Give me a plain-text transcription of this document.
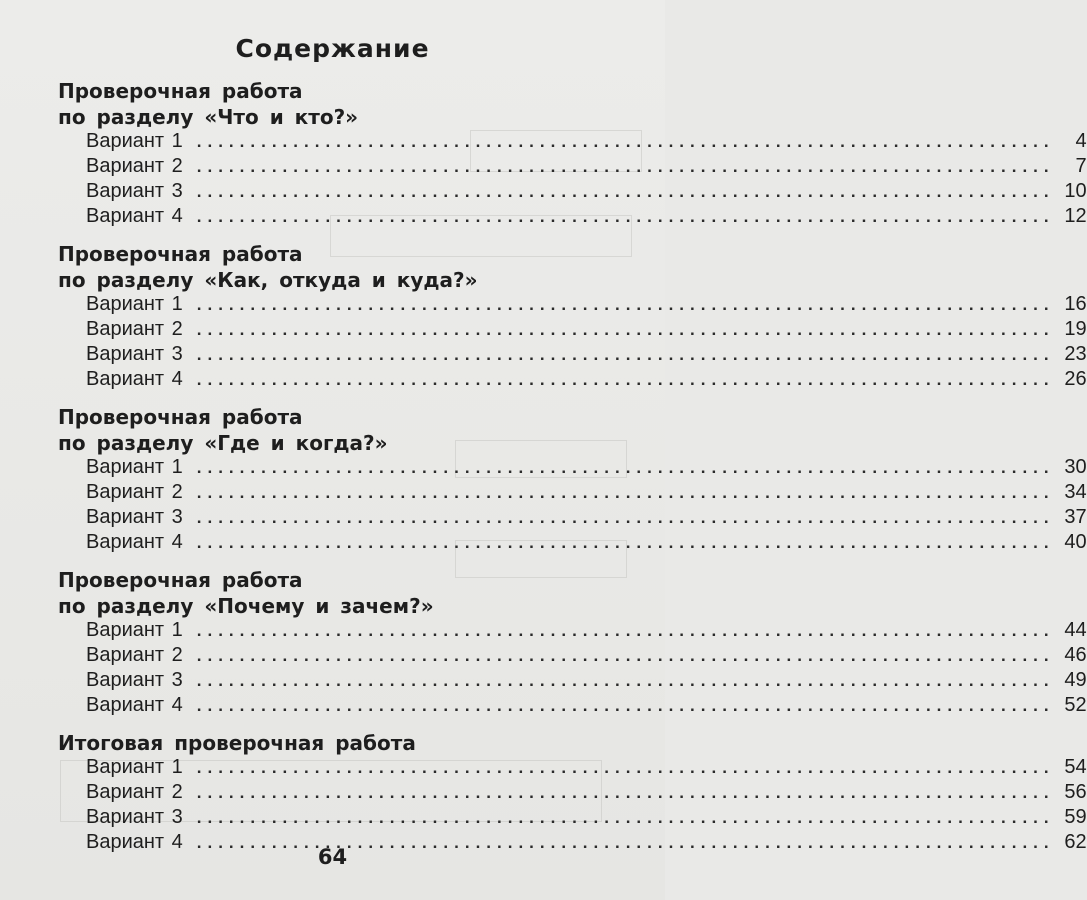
Содержание
Проверочная работа
по разделу «Что и кто?»
Вариант 1 ................................................................................	4
Вариант 2 ................................................................................	7
Вариант 3 ................................................................................ 10
Вариант 4 ................................................................................ 12
Проверочная работа
по разделу «Как, откуда и куда?»
Вариант 1 ................................................................................ 16
Вариант 2 ................................................................................ 19
Вариант 3 ................................................................................ 23
Вариант 4 ................................................................................ 26
Проверочная работа
по разделу «Где и когда?»
Вариант 1 ................................................................................ 30
Вариант 2 ................................................................................ 34
Вариант 3 ................................................................................ 37
Вариант 4 ................................................................................ 40
Проверочная работа
по разделу «Почему и зачем?»
Вариант 1 ................................................................................ 44
Вариант 2 ................................................................................ 46
Вариант 3 ................................................................................ 49
Вариант 4 ................................................................................ 52
Итоговая проверочная работа
Вариант 1 ................................................................................ 54
Вариант 2 ................................................................................ 56
Вариант 3 ................................................................................ 59
Вариант 4 ................................................................................ 62
64
